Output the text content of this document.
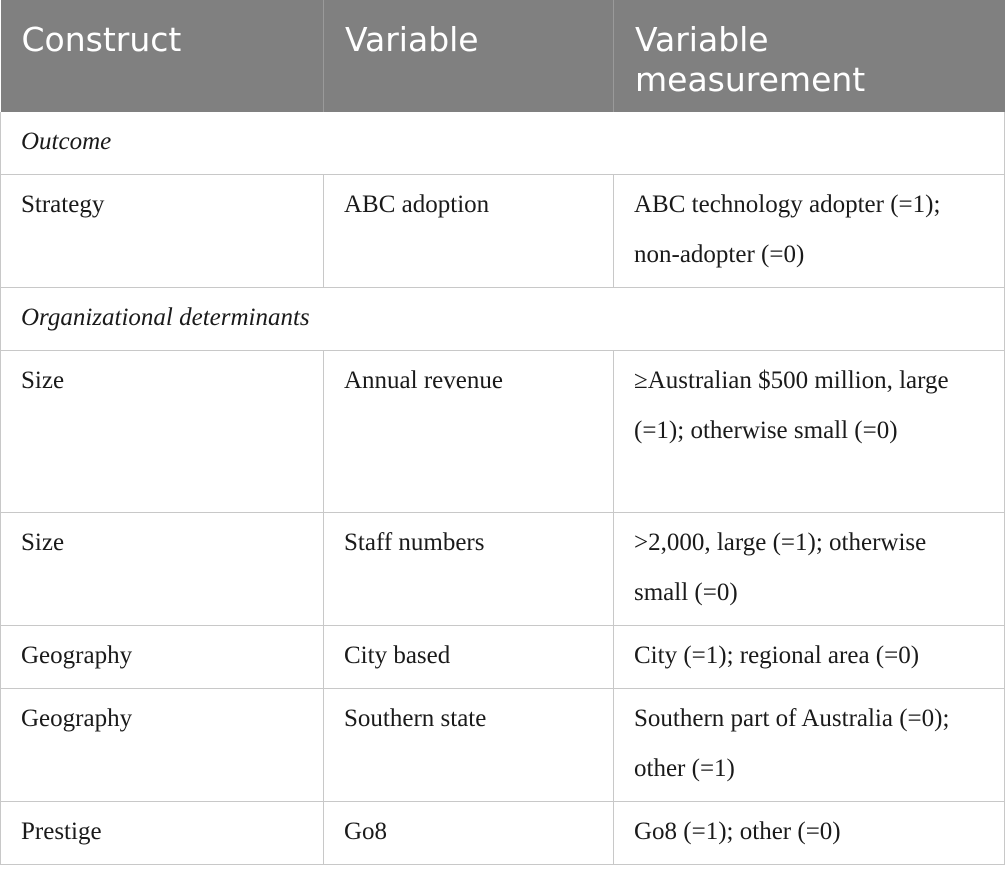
Construct	Variable	Variable measurement
Outcome		
Strategy	ABC adoption	ABC technology adopter (=1); non-adopter (=0)
Organizational determinants		
Size	Annual revenue	≥Australian $500 million, large (=1); otherwise small (=0)
Size	Staff numbers	>2,000, large (=1); otherwise small (=0)
Geography	City based	City (=1); regional area (=0)
Geography	Southern state	Southern part of Australia (=0); other (=1)
Prestige	Go8	Go8 (=1); other (=0)
